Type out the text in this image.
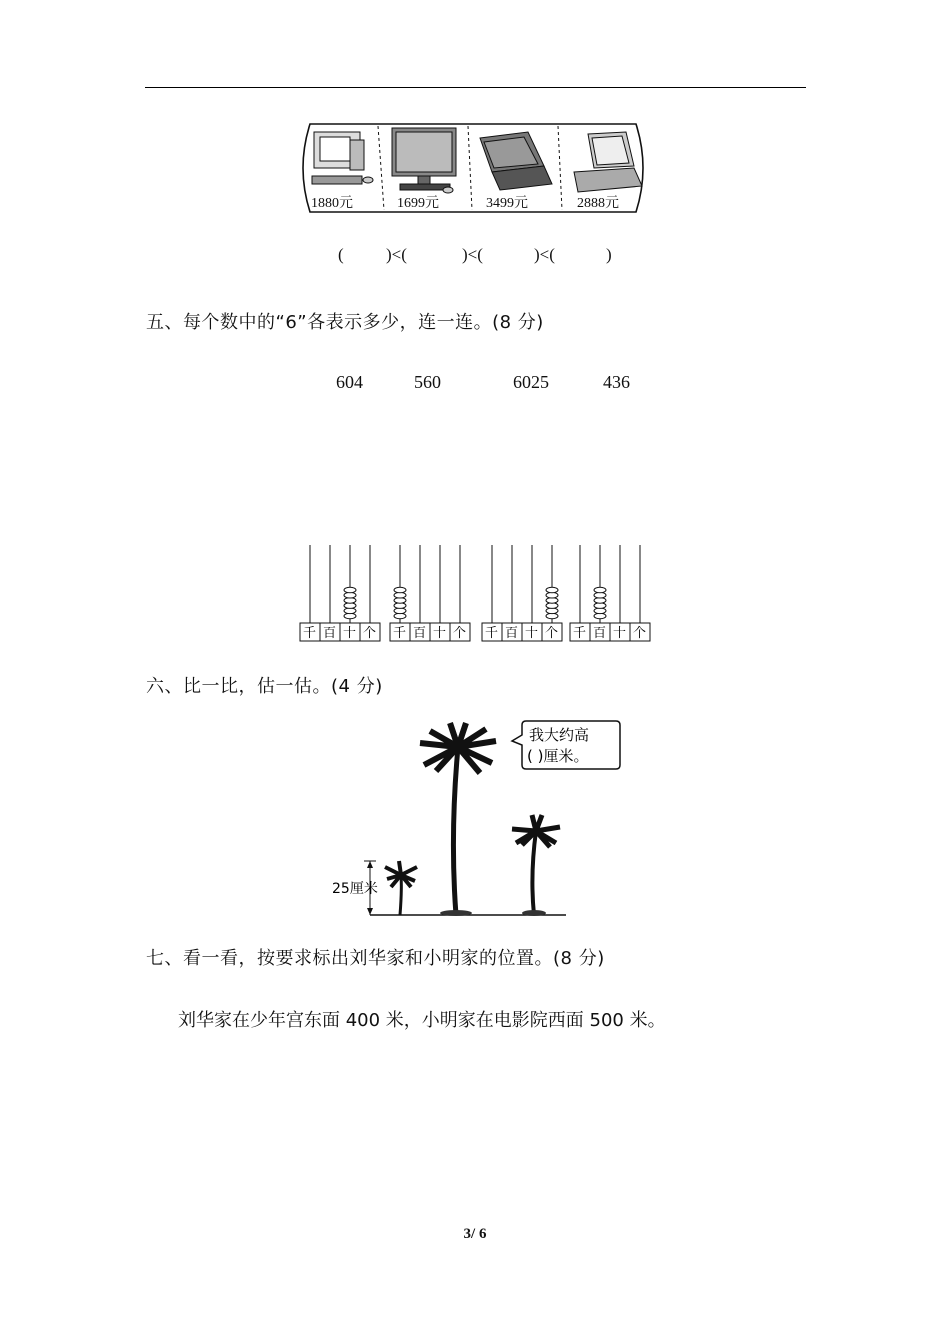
1880元	1699元	3499元	2888元
( )<(	)<(	)<(	)
五、每个数中的“6”各表示多少，连一连。(8 分)
604	560	6025	436
千 百 十 个 千 百 十 个 千 百 十 个 千 百 十 个
六、比一比，估一估。(4 分)
25厘米
我大约高
( )厘米。
七、看一看，按要求标出刘华家和小明家的位置。(8 分)
刘华家在少年宫东面 400 米，小明家在电影院西面 500 米。
3/ 6
